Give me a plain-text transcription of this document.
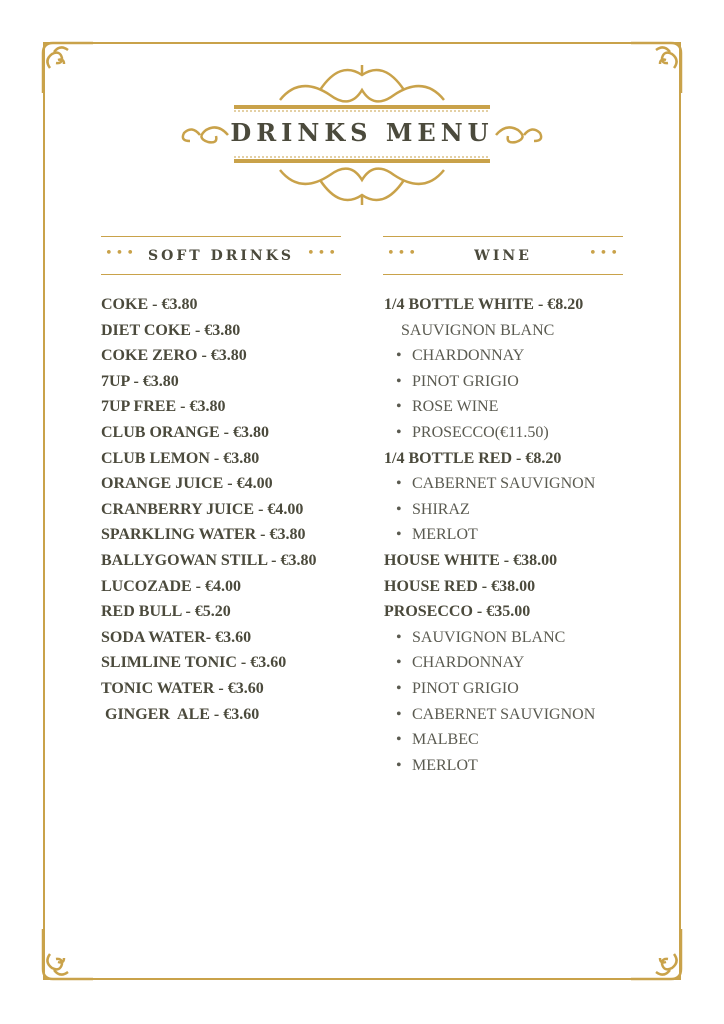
DRINKS MENU
••• SOFT DRINKS	•••	•••	WINE	•••
COKE - €3.80
DIET COKE - €3.80
COKE ZERO - €3.80
7UP - €3.80
7UP FREE - €3.80
CLUB ORANGE - €3.80
CLUB LEMON - €3.80
ORANGE JUICE - €4.00
CRANBERRY JUICE - €4.00
SPARKLING WATER - €3.80
BALLYGOWAN STILL - €3.80
LUCOZADE - €4.00
RED BULL - €5.20
SODA WATER- €3.60
SLIMLINE TONIC - €3.60
TONIC WATER - €3.60
GINGER  ALE - €3.60
1/4 BOTTLE WHITE - €8.20
SAUVIGNON BLANC
• CHARDONNAY
• PINOT GRIGIO
• ROSE WINE
• PROSECCO(€11.50)
1/4 BOTTLE RED - €8.20
• CABERNET SAUVIGNON
• SHIRAZ
• MERLOT
HOUSE WHITE - €38.00
HOUSE RED - €38.00
PROSECCO - €35.00
• SAUVIGNON BLANC
• CHARDONNAY
• PINOT GRIGIO
• CABERNET SAUVIGNON
• MALBEC
• MERLOT
